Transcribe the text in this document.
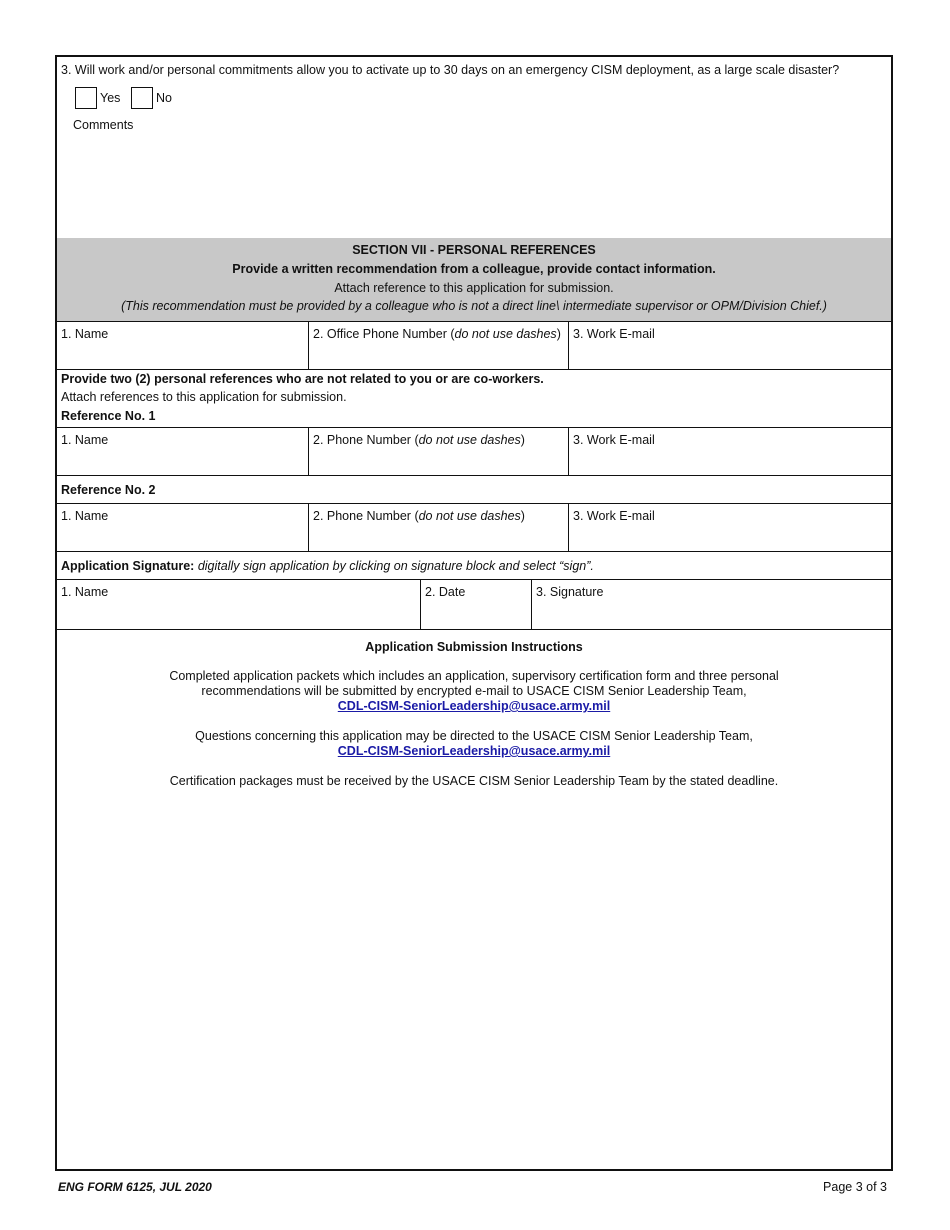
3. Will work and/or personal commitments allow you to activate up to 30 days on an emergency CISM deployment, as a large scale disaster?
Yes	No
Comments
SECTION VII - PERSONAL REFERENCES
Provide a written recommendation from a colleague, provide contact information.
Attach reference to this application for submission.
(This recommendation must be provided by a colleague who is not a direct line\ intermediate supervisor or OPM/Division Chief.)
1. Name	2. Office Phone Number (do not use dashes) 3. Work E-mail
Provide two (2) personal references who are not related to you or are co-workers.
Attach references to this application for submission.
Reference No. 1
1. Name	2. Phone Number (do not use dashes)	3. Work E-mail
Reference No. 2
1. Name	2. Phone Number (do not use dashes)	3. Work E-mail
Application Signature: digitally sign application by clicking on signature block and select “sign”.
1. Name	2. Date	3. Signature
Application Submission Instructions
Completed application packets which includes an application, supervisory certification form and three personal
recommendations will be submitted by encrypted e-mail to USACE CISM Senior Leadership Team,
CDL-CISM-SeniorLeadership@usace.army.mil
Questions concerning this application may be directed to the USACE CISM Senior Leadership Team,
CDL-CISM-SeniorLeadership@usace.army.mil
Certification packages must be received by the USACE CISM Senior Leadership Team by the stated deadline.
ENG FORM 6125, JUL 2020	Page 3 of 3
